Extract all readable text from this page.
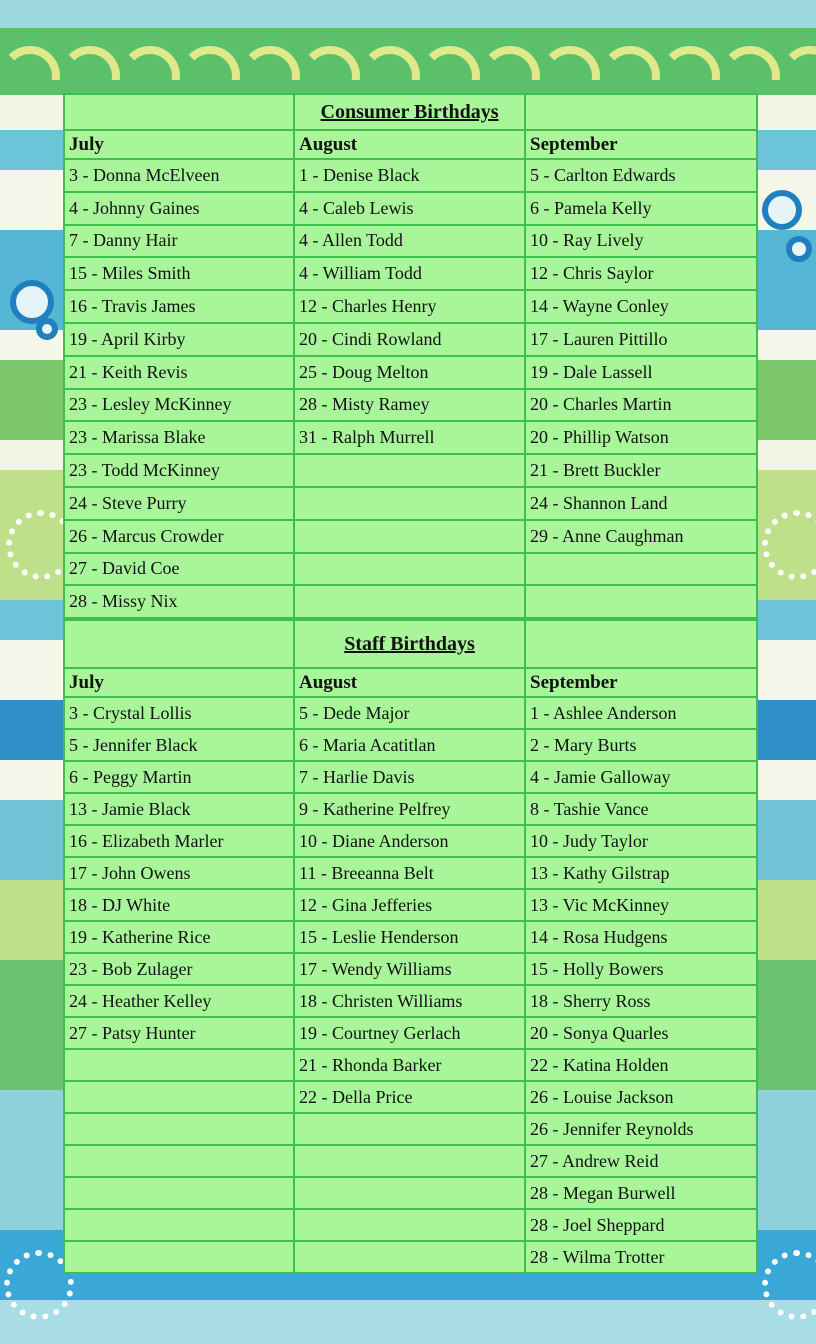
	Consumer Birthdays	
July	August	September
3 - Donna McElveen	1 - Denise Black	5 - Carlton Edwards
4 - Johnny Gaines	4 - Caleb Lewis	6 - Pamela Kelly
7 - Danny Hair	4 - Allen Todd	10 - Ray Lively
15 - Miles Smith	4 - William Todd	12 - Chris Saylor
16 - Travis James	12 - Charles Henry	14 - Wayne Conley
19 - April Kirby	20 - Cindi Rowland	17 - Lauren Pittillo
21 - Keith Revis	25 - Doug Melton	19 - Dale Lassell
23 - Lesley McKinney	28 - Misty Ramey	20 - Charles Martin
23 - Marissa Blake	31 - Ralph Murrell	20 - Phillip Watson
23 - Todd McKinney		21 - Brett Buckler
24 - Steve Purry		24 - Shannon Land
26 - Marcus Crowder		29 - Anne Caughman
27 - David Coe		
28 - Missy Nix		
	Staff Birthdays	
July	August	September
3 - Crystal Lollis	5 - Dede Major	1 - Ashlee Anderson
5 - Jennifer Black	6 - Maria Acatitlan	2 - Mary Burts
6 - Peggy Martin	7 - Harlie Davis	4 - Jamie Galloway
13 - Jamie Black	9 - Katherine Pelfrey	8 - Tashie Vance
16 - Elizabeth Marler	10 - Diane Anderson	10 - Judy Taylor
17 - John Owens	11 - Breeanna Belt	13 - Kathy Gilstrap
18 - DJ White	12 - Gina Jefferies	13 - Vic McKinney
19 - Katherine Rice	15 - Leslie Henderson	14 - Rosa Hudgens
23 - Bob Zulager	17 - Wendy Williams	15 - Holly Bowers
24 - Heather Kelley	18 - Christen Williams	18 - Sherry Ross
27 - Patsy Hunter	19 - Courtney Gerlach	20 - Sonya Quarles
	21 - Rhonda Barker	22 - Katina Holden
	22 - Della Price	26 - Louise Jackson
		26 - Jennifer Reynolds
		27 - Andrew Reid
		28 - Megan Burwell
		28 - Joel Sheppard
		28 - Wilma Trotter
